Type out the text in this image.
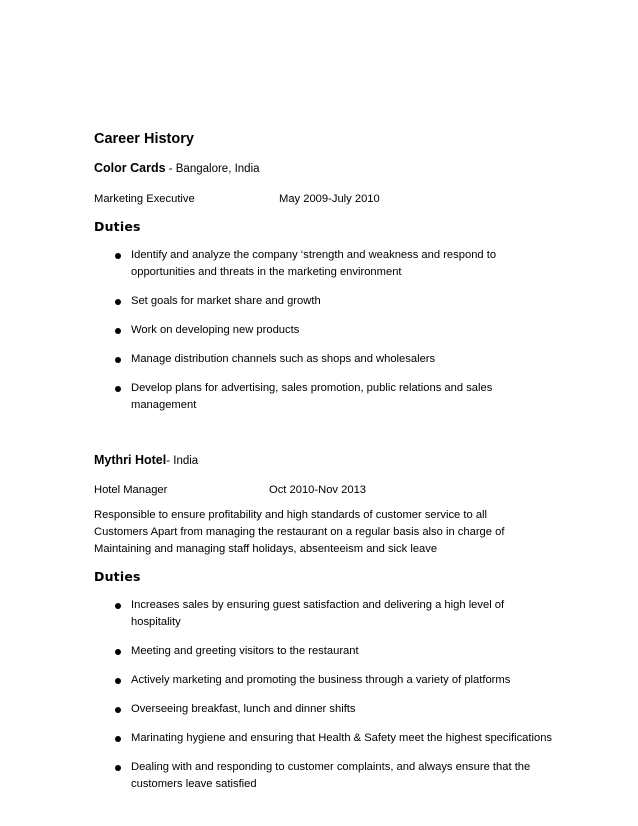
Career History
Color Cards - Bangalore, India
Marketing Executive	May 2009-July 2010
Duties
Identify and analyze the company ‘strength and weakness and respond to opportunities and threats in the marketing environment
Set goals for market share and growth
Work on developing new products
Manage distribution channels such as shops and wholesalers
Develop plans for advertising, sales promotion, public relations and sales management
Mythri Hotel- India
Hotel Manager	Oct 2010-Nov 2013
Responsible to ensure profitability and high standards of customer service to all Customers Apart from managing the restaurant on a regular basis also in charge of Maintaining and managing staff holidays, absenteeism and sick leave
Duties
Increases sales by ensuring guest satisfaction and delivering a high level of hospitality
Meeting and greeting visitors to the restaurant
Actively marketing and promoting the business through a variety of platforms
Overseeing breakfast, lunch and dinner shifts
Marinating hygiene and ensuring that Health & Safety meet the highest specifications
Dealing with and responding to customer complaints, and always ensure that the customers leave satisfied
